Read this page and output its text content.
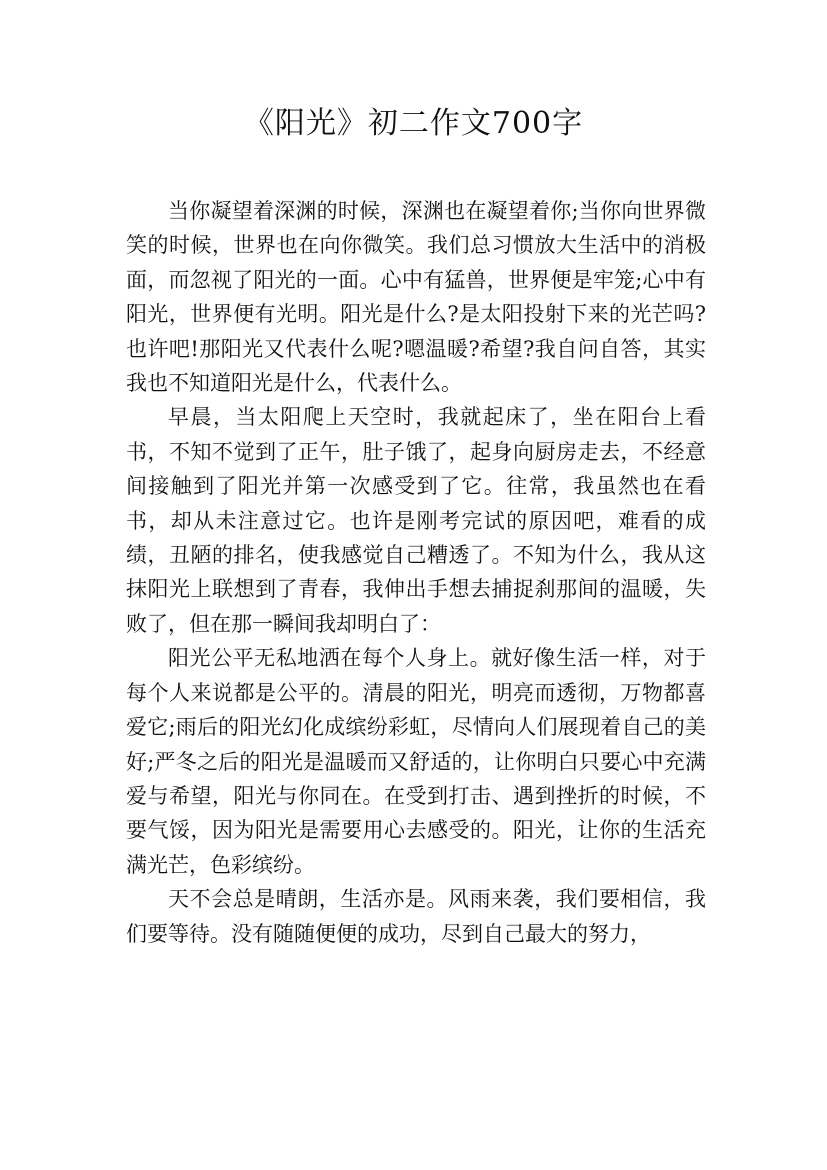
《阳光》初二作文700字

当你凝望着深渊的时候，深渊也在凝望着你;当你向世界微笑的时候，世界也在向你微笑。我们总习惯放大生活中的消极面，而忽视了阳光的一面。心中有猛兽，世界便是牢笼;心中有阳光，世界便有光明。阳光是什么?是太阳投射下来的光芒吗?也许吧!那阳光又代表什么呢?嗯温暖?希望?我自问自答，其实我也不知道阳光是什么，代表什么。

早晨，当太阳爬上天空时，我就起床了，坐在阳台上看书，不知不觉到了正午，肚子饿了，起身向厨房走去，不经意间接触到了阳光并第一次感受到了它。往常，我虽然也在看书，却从未注意过它。也许是刚考完试的原因吧，难看的成绩，丑陋的排名，使我感觉自己糟透了。不知为什么，我从这抹阳光上联想到了青春，我伸出手想去捕捉刹那间的温暖，失败了，但在那一瞬间我却明白了：

阳光公平无私地洒在每个人身上。就好像生活一样，对于每个人来说都是公平的。清晨的阳光，明亮而透彻，万物都喜爱它;雨后的阳光幻化成缤纷彩虹，尽情向人们展现着自己的美好;严冬之后的阳光是温暖而又舒适的，让你明白只要心中充满爱与希望，阳光与你同在。在受到打击、遇到挫折的时候，不要气馁，因为阳光是需要用心去感受的。阳光，让你的生活充满光芒，色彩缤纷。

天不会总是晴朗，生活亦是。风雨来袭，我们要相信，我们要等待。没有随随便便的成功，尽到自己最大的努力，
